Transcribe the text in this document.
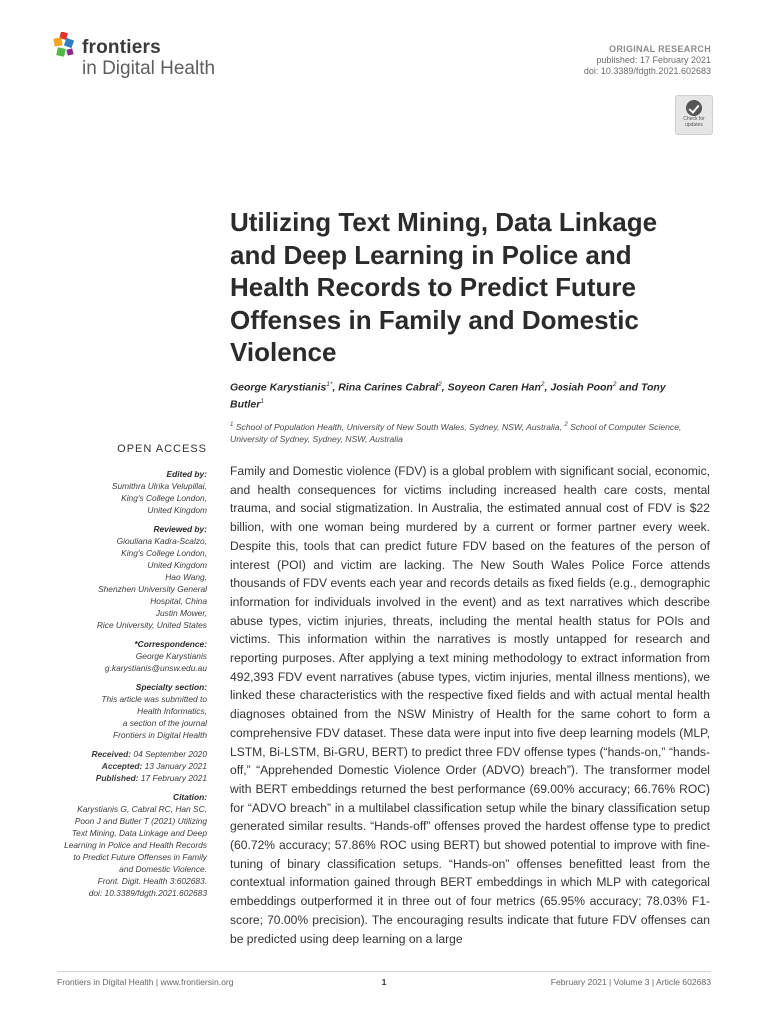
frontiers
in Digital Health
ORIGINAL RESEARCH
published: 17 February 2021
doi: 10.3389/fdgth.2021.602683
Check for
updates
Utilizing Text Mining, Data Linkage and Deep Learning in Police and Health Records to Predict Future Offenses in Family and Domestic Violence
George Karystianis$^{1*}$, Rina Carines Cabral$^2$, Soyeon Caren Han$^2$, Josiah Poon$^2$ and Tony Butler$^1$
$^1$ School of Population Health, University of New South Wales, Sydney, NSW, Australia, $^2$ School of Computer Science, University of Sydney, Sydney, NSW, Australia
OPEN ACCESS
Edited by:
Sumithra Ulrika Velupillai,
King's College London,
United Kingdom
Reviewed by:
Giouliana Kadra-Scalzo,
King's College London,
United Kingdom
Hao Wang,
Shenzhen University General
Hospital, China
Justin Mower,
Rice University, United States
*Correspondence:
George Karystianis
g.karystianis@unsw.edu.au
Specialty section:
This article was submitted to
Health Informatics,
a section of the journal
Frontiers in Digital Health
Received: 04 September 2020
Accepted: 13 January 2021
Published: 17 February 2021
Citation:
Karystianis G, Cabral RC, Han SC,
Poon J and Butler T (2021) Utilizing
Text Mining, Data Linkage and Deep
Learning in Police and Health Records
to Predict Future Offenses in Family
and Domestic Violence.
Front. Digit. Health 3:602683.
doi: 10.3389/fdgth.2021.602683

Family and Domestic violence (FDV) is a global problem with significant social, economic, and health consequences for victims including increased health care costs, mental trauma, and social stigmatization. In Australia, the estimated annual cost of FDV is $22 billion, with one woman being murdered by a current or former partner every week. Despite this, tools that can predict future FDV based on the features of the person of interest (POI) and victim are lacking. The New South Wales Police Force attends thousands of FDV events each year and records details as fixed fields (e.g., demographic information for individuals involved in the event) and as text narratives which describe abuse types, victim injuries, threats, including the mental health status for POIs and victims. This information within the narratives is mostly untapped for research and reporting purposes. After applying a text mining methodology to extract information from 492,393 FDV event narratives (abuse types, victim injuries, mental illness mentions), we linked these characteristics with the respective fixed fields and with actual mental health diagnoses obtained from the NSW Ministry of Health for the same cohort to form a comprehensive FDV dataset. These data were input into five deep learning models (MLP, LSTM, Bi-LSTM, Bi-GRU, BERT) to predict three FDV offense types (“hands-on,” “hands-off,” “Apprehended Domestic Violence Order (ADVO) breach”). The transformer model with BERT embeddings returned the best performance (69.00% accuracy; 66.76% ROC) for “ADVO breach” in a multilabel classification setup while the binary classification setup generated similar results. “Hands-off” offenses proved the hardest offense type to predict (60.72% accuracy; 57.86% ROC using BERT) but showed potential to improve with fine-tuning of binary classification setups. “Hands-on” offenses benefitted least from the contextual information gained through BERT embeddings in which MLP with categorical embeddings outperformed it in three out of four metrics (65.95% accuracy; 78.03% F1-score; 70.00% precision). The encouraging results indicate that future FDV offenses can be predicted using deep learning on a large

Frontiers in Digital Health | www.frontiersin.org	1	February 2021 | Volume 3 | Article 602683
